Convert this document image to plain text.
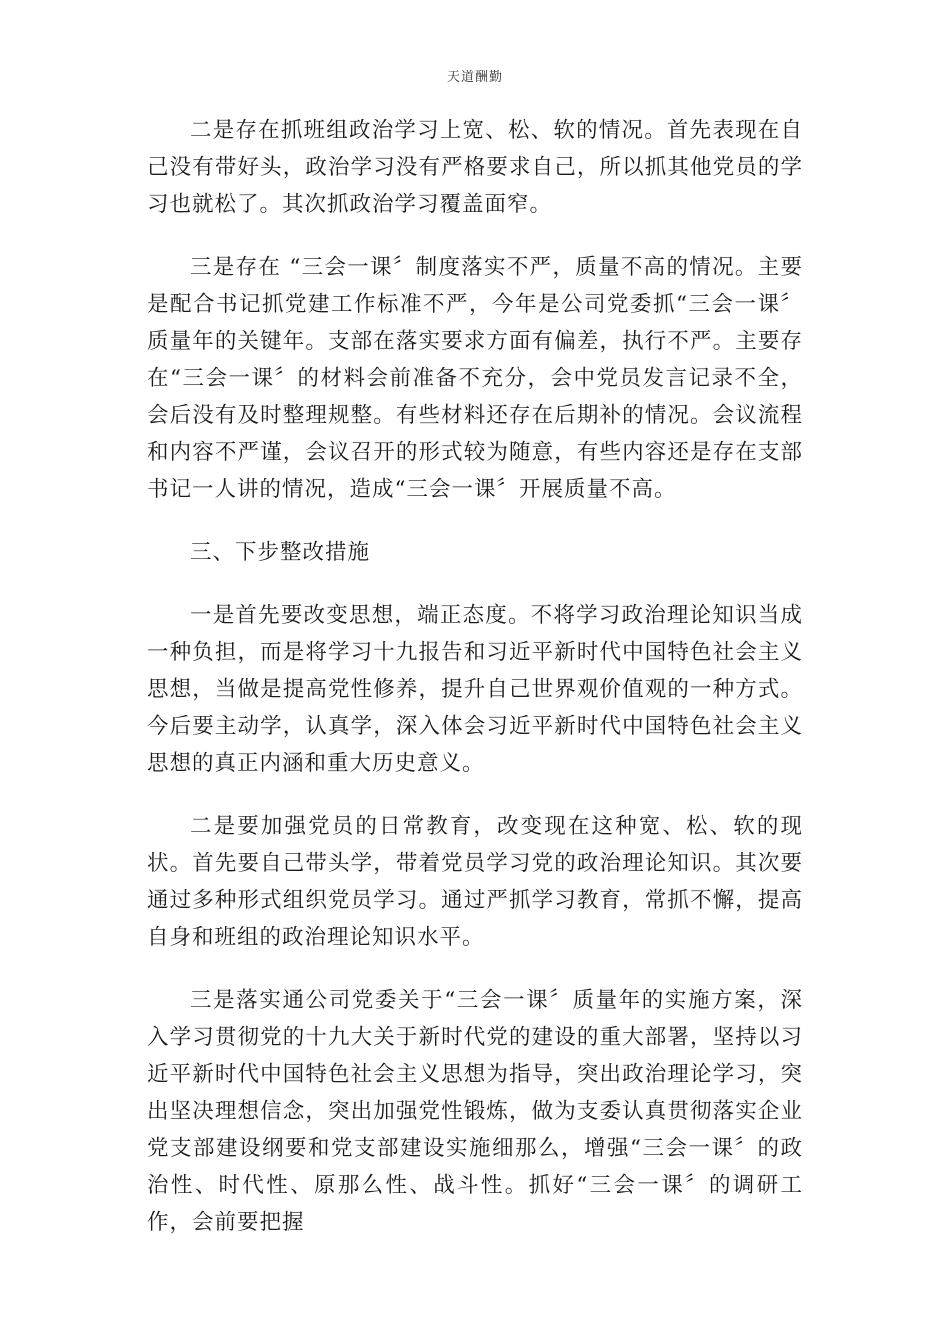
天道酬勤

二是存在抓班组政治学习上宽、松、软的情况。首先表现在自己没有带好头，政治学习没有严格要求自己，所以抓其他党员的学习也就松了。其次抓政治学习覆盖面窄。

三是存在 “三会一课〞制度落实不严，质量不高的情况。主要是配合书记抓党建工作标准不严，今年是公司党委抓“三会一课〞质量年的关键年。支部在落实要求方面有偏差，执行不严。主要存在“三会一课〞的材料会前准备不充分，会中党员发言记录不全，会后没有及时整理规整。有些材料还存在后期补的情况。会议流程和内容不严谨，会议召开的形式较为随意，有些内容还是存在支部书记一人讲的情况，造成“三会一课〞开展质量不高。

三、下步整改措施

一是首先要改变思想，端正态度。不将学习政治理论知识当成一种负担，而是将学习十九报告和习近平新时代中国特色社会主义思想，当做是提高党性修养，提升自己世界观价值观的一种方式。今后要主动学，认真学，深入体会习近平新时代中国特色社会主义思想的真正内涵和重大历史意义。

二是要加强党员的日常教育，改变现在这种宽、松、软的现状。首先要自己带头学，带着党员学习党的政治理论知识。其次要通过多种形式组织党员学习。通过严抓学习教育，常抓不懈，提高自身和班组的政治理论知识水平。

三是落实通公司党委关于“三会一课〞质量年的实施方案，深入学习贯彻党的十九大关于新时代党的建设的重大部署，坚持以习近平新时代中国特色社会主义思想为指导，突出政治理论学习，突出坚决理想信念，突出加强党性锻炼，做为支委认真贯彻落实企业党支部建设纲要和党支部建设实施细那么，增强“三会一课〞的政治性、时代性、原那么性、战斗性。抓好“三会一课〞的调研工作，会前要把握
